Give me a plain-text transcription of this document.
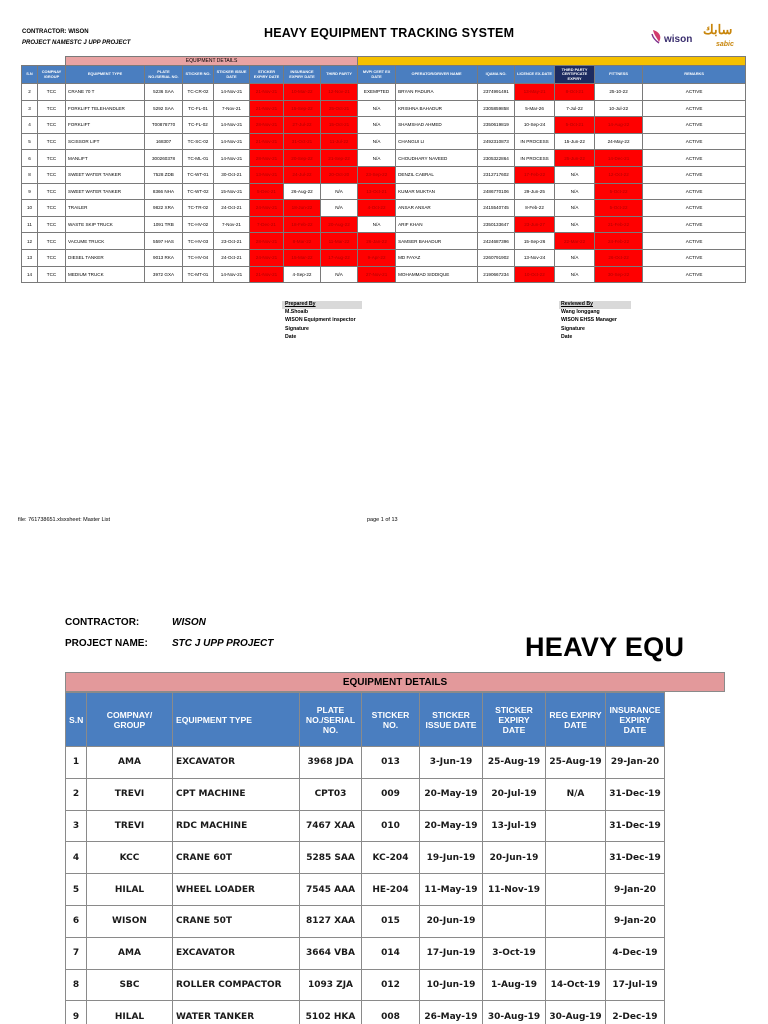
CONTRACTOR: WISON
PROJECT NAMESTC J UPP PROJECT
HEAVY EQUIPMENT TRACKING SYSTEM	wison
سابك
sabic
		EQUIPMENT DETAILS													
S.N	COMPNAY /GROUP	EQUIPMENT TYPE	PLATE NO./SERIAL NO.	STICKER NO.	STICKER ISSUE DATE	STICKER EXPIRY DATE	INSURANCE EXPIRY DATE	THIRD PARTY	MVPI CERT EX DATE	OPERATOR/DRIVER NAME	IQAMA NO.	LICENCE EX-DATE	THIRD PARTY CERTIFICATE EXPIRY	FITTNESS	REMARKS
2	TCC	CRANE 70 T	5236 SAA	TC-CR-02	14-Nov-21	21-Nov-21	10-Mar-22	12-Nov-21	EXEMPTED	BRYAN PADURA	2374991491	13-May-21	8-Oct-21	25-10-22	ACTIVE
3	TCC	FORKLIFT TELEHANDLER	5292 SAA	TC-FL-01	7-Nov-21	21-Nov-21	15-Sep-22	25-Oct-21	N/A	KRISHNA BAHADUR	2305859858	5-Mar-26	7-Jul-22	10-Jul-22	ACTIVE
4	TCC	FORKLIFT	T00878770	TC-FL-02	14-Nov-21	28-Nov-21	27-Jul-22	15-Oct-21	N/A	SHAMSHAD AHMED	2350619819	10-Sep-24	5-Oct-21	14-Aug-22	ACTIVE
5	TCC	SCISSOR LIFT	168307	TC-SC-02	14-Nov-21	21-Nov-21	31-Oct-21	11-Jul-22	N/A	CHANGUI LI	2492310873	IN PROCESS	15-Jun-22	24-May-22	ACTIVE
6	TCC	MANLIFT	300260378	TC-ML-01	14-Nov-21	28-Nov-21	20-Sep-22	21-Sep-22	N/A	CHOUDHARY NAVEED	2305322864	IN PROCESS	25-Jun-22	14-Dec-21	ACTIVE
8	TCC	SWEET WATER TANKER	7528 ZDB	TC-WT-01	30-Oct-21	13-Nov-21	24-Jul-22	20-Oct-20	23-Sep-22	DENZIL CABRAL	2312717602	17-Feb-22	N/A	12-Oct-22	ACTIVE
9	TCC	SWEET WATER TANKER	8366 NHA	TC-WT-02	15-Nov-21	5-Dec-21	26-Aug-22	N/A	13-Oct-21	KUMAR MUKTAN	2486770106	29-Jun-25	N/A	5-Oct-22	ACTIVE
10	TCC	TRAILER	9822 XRA	TC-TR-02	24-Oct-21	24-Nov-21	18-Jun-22	N/A	4-Oct-22	ANSAR ANSAR	2415540745	8-Feb-22	N/A	5-Oct-22	ACTIVE
11	TCC	WASTE SKIP TRUCK	1091 TRB	TC-HV-02	7-Nov-21	7-Dec-21	18-Feb-22	20-Aug-22	N/A	ARIF KHAN	2350133647	23-Jun-27	N/A	21-Feb-22	ACTIVE
12	TCC	VACUME TRUCK	5597 HAS	TC-HV-03	23-Oct-21	28-Nov-21	8-Mar-22	11-Mar-22	26-Jan-22	SAMSER BAHADUR	2424687396	15-Sep-26	22-Mar-22	24-Feb-22	ACTIVE
13	TCC	DIESEL TANKER	9013 RKA	TC-HV-04	24-Oct-21	24-Nov-21	15-Mar-22	17-Aug-22	9-Apr-22	MD FAYAZ	2260791902	13-Nov-24	N/A	26-Oct-22	ACTIVE
14	TCC	MEDIUM TRUCK	3972 GXA	TC-MT-01	14-Nov-21	21-Nov-21	4-Sep-22	N/A	27-Nov-21	MOHAMMAD SIDDIQUE	2190667234	10-Oct-22	N/A	30-Sep-22	ACTIVE
Prepared By
M.Shoaib
WISON Equipment inspector
Signature
Date
Reviewed By
Wang longgang
WISON EHSS Manager
Signature
Date
file: 761738651.xlsxsheet: Master List	page 1 of 13
CONTRACTOR:	WISON
PROJECT NAME: STC J UPP PROJECT	HEAVY EQU
EQUIPMENT DETAILS
S.N	COMPNAY/ GROUP	EQUIPMENT TYPE	PLATE NO./SERIAL NO.	STICKER NO.	STICKER ISSUE DATE	STICKER EXPIRY DATE	REG EXPIRY DATE	INSURANCE EXPIRY DATE
1	AMA	EXCAVATOR	3968 JDA	013	3-Jun-19	25-Aug-19	25-Aug-19	29-Jan-20
2	TREVI	CPT MACHINE	CPT03	009	20-May-19	20-Jul-19	N/A	31-Dec-19
3	TREVI	RDC MACHINE	7467 XAA	010	20-May-19	13-Jul-19		31-Dec-19
4	KCC	CRANE 60T	5285 SAA	KC-204	19-Jun-19	20-Jun-19		31-Dec-19
5	HILAL	WHEEL LOADER	7545 AAA	HE-204	11-May-19	11-Nov-19		9-Jan-20
6	WISON	CRANE 50T	8127 XAA	015	20-Jun-19			9-Jan-20
7	AMA	EXCAVATOR	3664 VBA	014	17-Jun-19	3-Oct-19		4-Dec-19
8	SBC	ROLLER COMPACTOR	1093 ZJA	012	10-Jun-19	1-Aug-19	14-Oct-19	17-Jul-19
9	HILAL	WATER TANKER	5102 HKA	008	26-May-19	30-Aug-19	30-Aug-19	2-Dec-19
